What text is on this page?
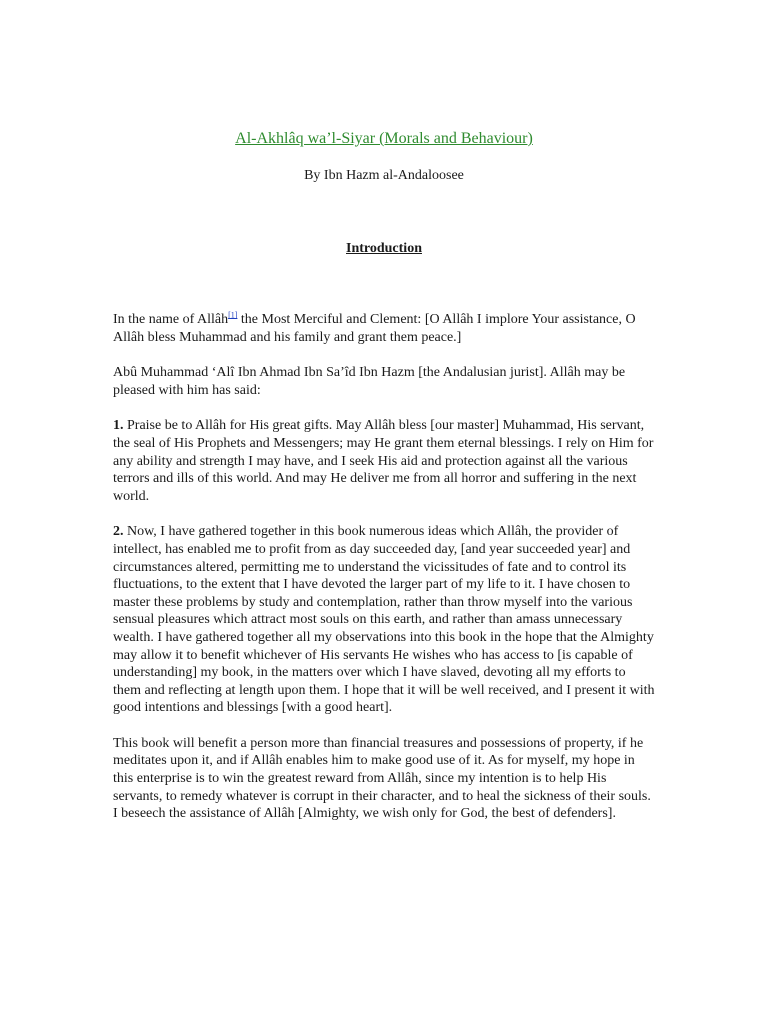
Al-Akhlâq wa’l-Siyar (Morals and Behaviour)

By Ibn Hazm al-Andaloosee

Introduction

In the name of Allâh[1] the Most Merciful and Clement: [O Allâh I implore Your assistance, O Allâh bless Muhammad and his family and grant them peace.]

Abû Muhammad ‘Alî Ibn Ahmad Ibn Sa’îd Ibn Hazm [the Andalusian jurist]. Allâh may be pleased with him has said:

1. Praise be to Allâh for His great gifts. May Allâh bless [our master] Muhammad, His servant, the seal of His Prophets and Messengers; may He grant them eternal blessings. I rely on Him for any ability and strength I may have, and I seek His aid and protection against all the various terrors and ills of this world. And may He deliver me from all horror and suffering in the next world.

2. Now, I have gathered together in this book numerous ideas which Allâh, the provider of intellect, has enabled me to profit from as day succeeded day, [and year succeeded year] and circumstances altered, permitting me to understand the vicissitudes of fate and to control its fluctuations, to the extent that I have devoted the larger part of my life to it. I have chosen to master these problems by study and contemplation, rather than throw myself into the various sensual pleasures which attract most souls on this earth, and rather than amass unnecessary wealth. I have gathered together all my observations into this book in the hope that the Almighty may allow it to benefit whichever of His servants He wishes who has access to [is capable of understanding] my book, in the matters over which I have slaved, devoting all my efforts to them and reflecting at length upon them. I hope that it will be well received, and I present it with good intentions and blessings [with a good heart].

This book will benefit a person more than financial treasures and possessions of property, if he meditates upon it, and if Allâh enables him to make good use of it. As for myself, my hope in this enterprise is to win the greatest reward from Allâh, since my intention is to help His servants, to remedy whatever is corrupt in their character, and to heal the sickness of their souls. I beseech the assistance of Allâh [Almighty, we wish only for God, the best of defenders].
